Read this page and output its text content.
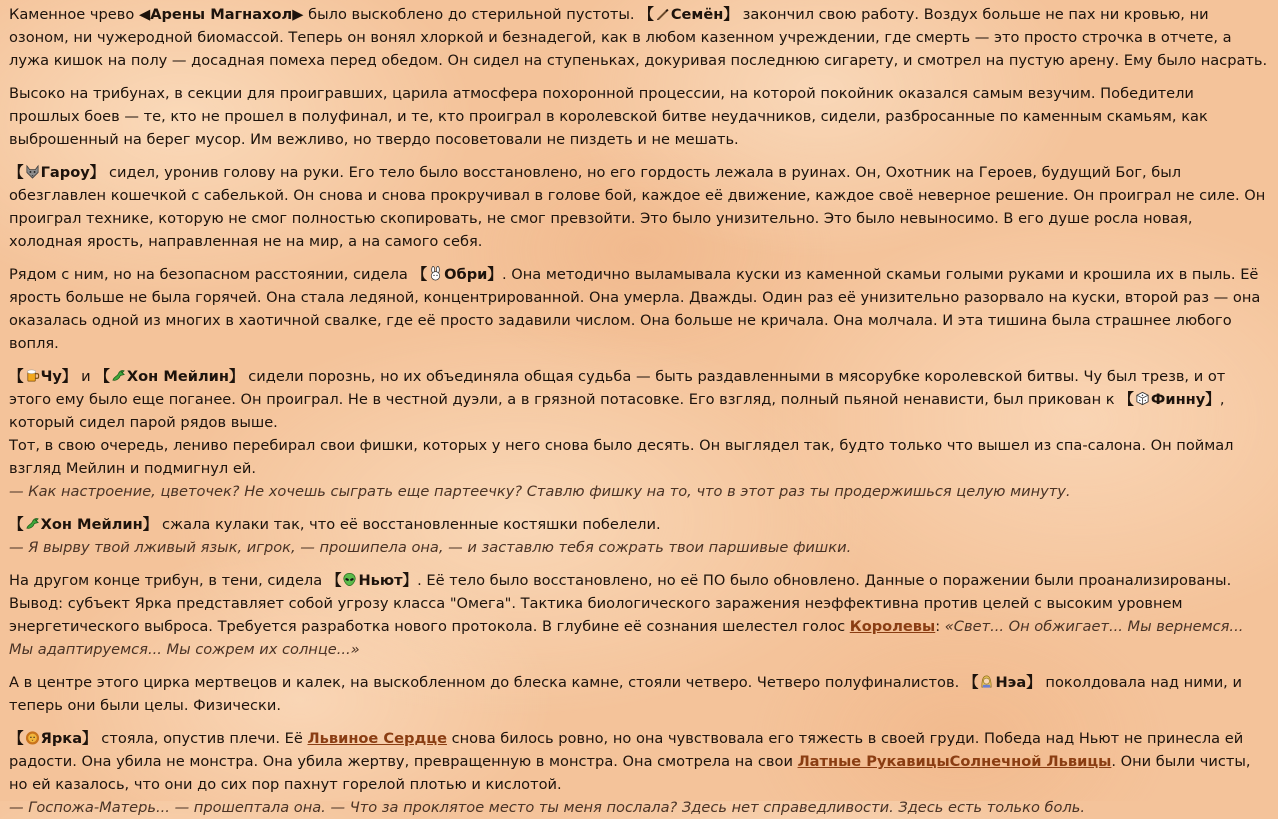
Каменное чрево ◀Арены Магнахол▶ было выскоблено до стерильной пустоты. 【 Семён】 закончил свою работу. Воздух больше не пах ни кровью, ни озоном, ни чужеродной биомассой. Теперь он вонял хлоркой и безнадегой, как в любом казенном учреждении, где смерть — это просто строчка в отчете, а лужа кишок на полу — досадная помеха перед обедом. Он сидел на ступеньках, докуривая последнюю сигарету, и смотрел на пустую арену. Ему было насрать.

Высоко на трибунах, в секции для проигравших, царила атмосфера похоронной процессии, на которой покойник оказался самым везучим. Победители прошлых боев — те, кто не прошел в полуфинал, и те, кто проиграл в королевской битве неудачников, сидели, разбросанные по каменным скамьям, как выброшенный на берег мусор. Им вежливо, но твердо посоветовали не пиздеть и не мешать.

【 Гароу】 сидел, уронив голову на руки. Его тело было восстановлено, но его гордость лежала в руинах. Он, Охотник на Героев, будущий Бог, был обезглавлен кошечкой с сабелькой. Он снова и снова прокручивал в голове бой, каждое её движение, каждое своё неверное решение. Он проиграл не силе. Он проиграл технике, которую не смог полностью скопировать, не смог превзойти. Это было унизительно. Это было невыносимо. В его душе росла новая, холодная ярость, направленная не на мир, а на самого себя.

Рядом с ним, но на безопасном расстоянии, сидела 【 Обри】. Она методично выламывала куски из каменной скамьи голыми руками и крошила их в пыль. Её ярость больше не была горячей. Она стала ледяной, концентрированной. Она умерла. Дважды. Один раз её унизительно разорвало на куски, второй раз — она оказалась одной из многих в хаотичной свалке, где её просто задавили числом. Она больше не кричала. Она молчала. И эта тишина была страшнее любого вопля.

【 Чу】 и 【 Хон Мейлин】 сидели порознь, но их объединяла общая судьба — быть раздавленными в мясорубке королевской битвы. Чу был трезв, и от этого ему было еще поганее. Он проиграл. Не в честной дуэли, а в грязной потасовке. Его взгляд, полный пьяной ненависти, был прикован к 【 Финну】, который сидел парой рядов выше.

Тот, в свою очередь, лениво перебирал свои фишки, которых у него снова было десять. Он выглядел так, будто только что вышел из спа-салона. Он поймал взгляд Мейлин и подмигнул ей.

— Как настроение, цветочек? Не хочешь сыграть еще партеечку? Ставлю фишку на то, что в этот раз ты продержишься целую минуту.

【 Хон Мейлин】 сжала кулаки так, что её восстановленные костяшки побелели.

— Я вырву твой лживый язык, игрок, — прошипела она, — и заставлю тебя сожрать твои паршивые фишки.

На другом конце трибун, в тени, сидела 【 Ньют】. Её тело было восстановлено, но её ПО было обновлено. Данные о поражении были проанализированы. Вывод: субъект Ярка представляет собой угрозу класса "Омега". Тактика биологического заражения неэффективна против целей с высоким уровнем энергетического выброса. Требуется разработка нового протокола. В глубине её сознания шелестел голос Королевы: «Свет... Он обжигает... Мы вернемся... Мы адаптируемся... Мы сожрем их солнце...»

А в центре этого цирка мертвецов и калек, на выскобленном до блеска камне, стояли четверо. Четверо полуфиналистов. 【 Нэа】 поколдовала над ними, и теперь они были целы. Физически.

【 Ярка】 стояла, опустив плечи. Её Львиное Сердце снова билось ровно, но она чувствовала его тяжесть в своей груди. Победа над Ньют не принесла ей радости. Она убила не монстра. Она убила жертву, превращенную в монстра. Она смотрела на свои Латные РукавицыСолнечной Львицы. Они были чисты, но ей казалось, что они до сих пор пахнут горелой плотью и кислотой.

— Госпожа-Матерь... — прошептала она. — Что за проклятое место ты меня послала? Здесь нет справедливости. Здесь есть только боль.
